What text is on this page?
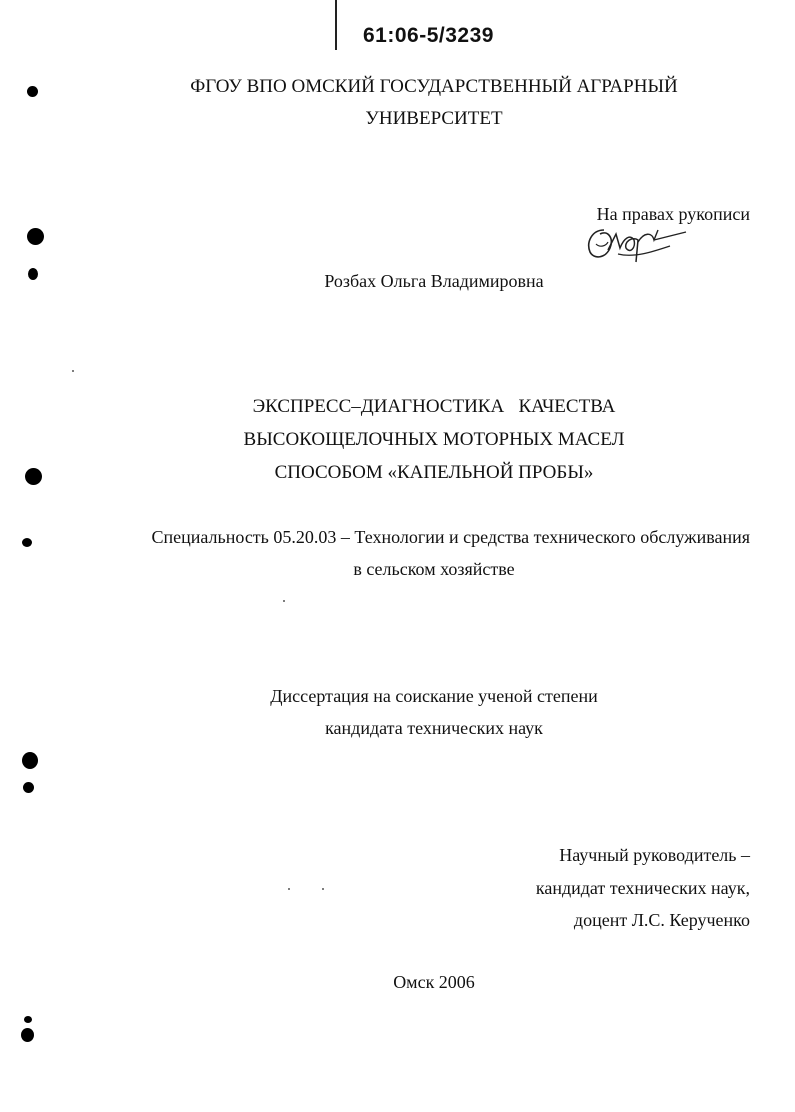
61:06-5/3239
ФГОУ ВПО ОМСКИЙ ГОСУДАРСТВЕННЫЙ АГРАРНЫЙ
УНИВЕРСИТЕТ
На правах рукописи
Розбах Ольга Владимировна
ЭКСПРЕСС–ДИАГНОСТИКА   КАЧЕСТВА
ВЫСОКОЩЕЛОЧНЫХ МОТОРНЫХ МАСЕЛ
СПОСОБОМ «КАПЕЛЬНОЙ ПРОБЫ»
Специальность 05.20.03 – Технологии и средства технического обслуживания
в сельском хозяйстве
Диссертация на соискание ученой степени
кандидата технических наук
Научный руководитель –
кандидат технических наук,
доцент Л.С. Керученко
Омск 2006
